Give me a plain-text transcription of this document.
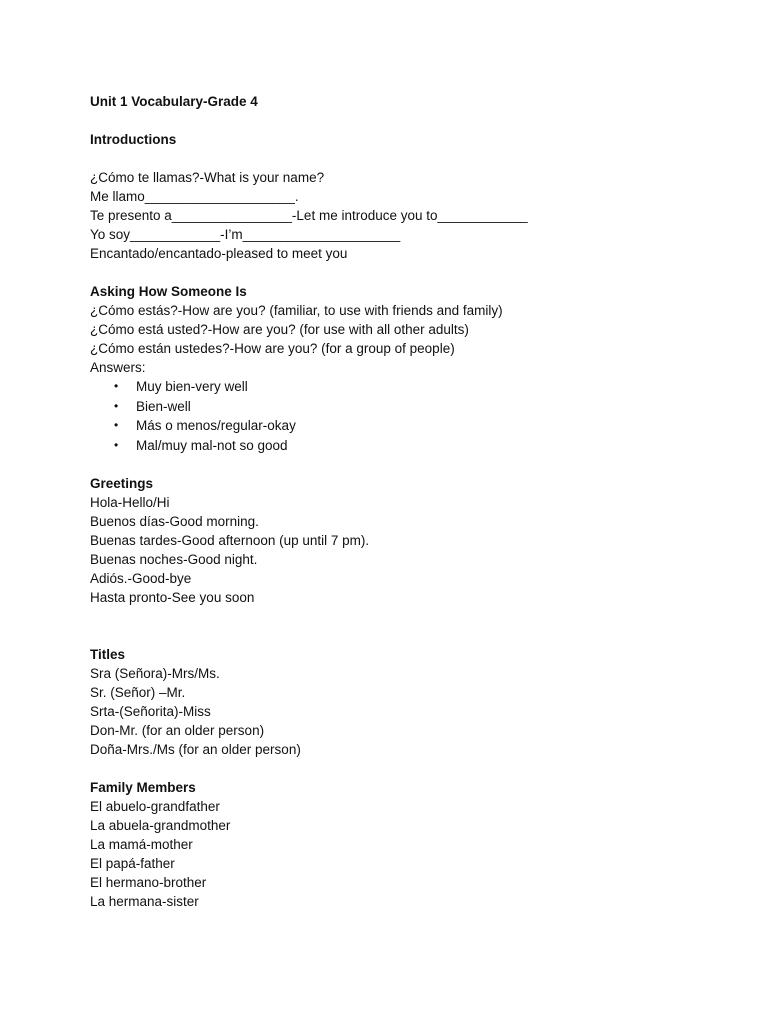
Unit 1 Vocabulary-Grade 4
Introductions
¿Cómo te llamas?-What is your name?
Me llamo____________________.
Te presento a________________-Let me introduce you to____________
Yo soy____________-I’m_____________________
Encantado/encantado-pleased to meet you
Asking How Someone Is
¿Cómo estás?-How are you? (familiar, to use with friends and family)
¿Cómo está usted?-How are you? (for use with all other adults)
¿Cómo están ustedes?-How are you? (for a group of people)
Answers:
• Muy bien-very well
• Bien-well
• Más o menos/regular-okay
• Mal/muy mal-not so good
Greetings
Hola-Hello/Hi
Buenos días-Good morning.
Buenas tardes-Good afternoon (up until 7 pm).
Buenas noches-Good night.
Adiós.-Good-bye
Hasta pronto-See you soon
Titles
Sra (Señora)-Mrs/Ms.
Sr. (Señor) –Mr.
Srta-(Señorita)-Miss
Don-Mr. (for an older person)
Doña-Mrs./Ms (for an older person)
Family Members
El abuelo-grandfather
La abuela-grandmother
La mamá-mother
El papá-father
El hermano-brother
La hermana-sister
